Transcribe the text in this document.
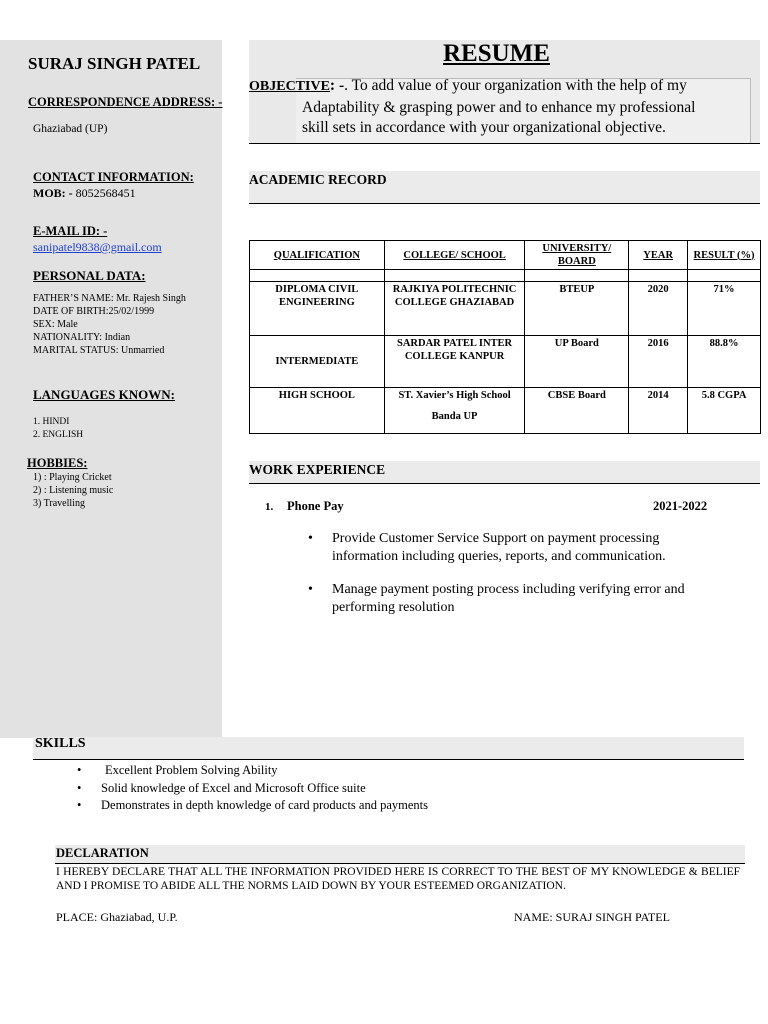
SURAJ SINGH PATEL
CORRESPONDENCE ADDRESS: -
Ghaziabad (UP)
CONTACT INFORMATION:
MOB: - 8052568451
E-MAIL ID: -
sanipatel9838@gmail.com
PERSONAL DATA:
FATHER’S NAME: Mr. Rajesh Singh
DATE OF BIRTH:25/02/1999
SEX: Male
NATIONALITY: Indian
MARITAL STATUS: Unmarried
LANGUAGES KNOWN:
1. HINDI
2. ENGLISH
HOBBIES:
1) : Playing Cricket
2) : Listening music
3) Travelling
RESUME
OBJECTIVE: -. To add value of your organization with the help of my
Adaptability & grasping power and to enhance my professional
skill sets in accordance with your organizational objective.
ACADEMIC RECORD
QUALIFICATION	COLLEGE/ SCHOOL	UNIVERSITY/ BOARD	YEAR	RESULT (%)

DIPLOMA CIVIL ENGINEERING	RAJKIYA POLITECHNIC COLLEGE GHAZIABAD	BTEUP	2020	71%
INTERMEDIATE	SARDAR PATEL INTER COLLEGE KANPUR	UP Board	2016	88.8%
HIGH SCHOOL	ST. Xavier’s High School
Banda UP	CBSE Board	2014	5.8 CGPA
WORK EXPERIENCE
1. Phone Pay	2021-2022
• Provide Customer Service Support on payment processing information including queries, reports, and communication.
• Manage payment posting process including verifying error and performing resolution
SKILLS
• Excellent Problem Solving Ability
• Solid knowledge of Excel and Microsoft Office suite
• Demonstrates in depth knowledge of card products and payments
DECLARATION
I HEREBY DECLARE THAT ALL THE INFORMATION PROVIDED HERE IS CORRECT TO THE BEST OF MY KNOWLEDGE & BELIEF AND I PROMISE TO ABIDE ALL THE NORMS LAID DOWN BY YOUR ESTEEMED ORGANIZATION.
PLACE: Ghaziabad, U.P.	NAME: SURAJ SINGH PATEL
